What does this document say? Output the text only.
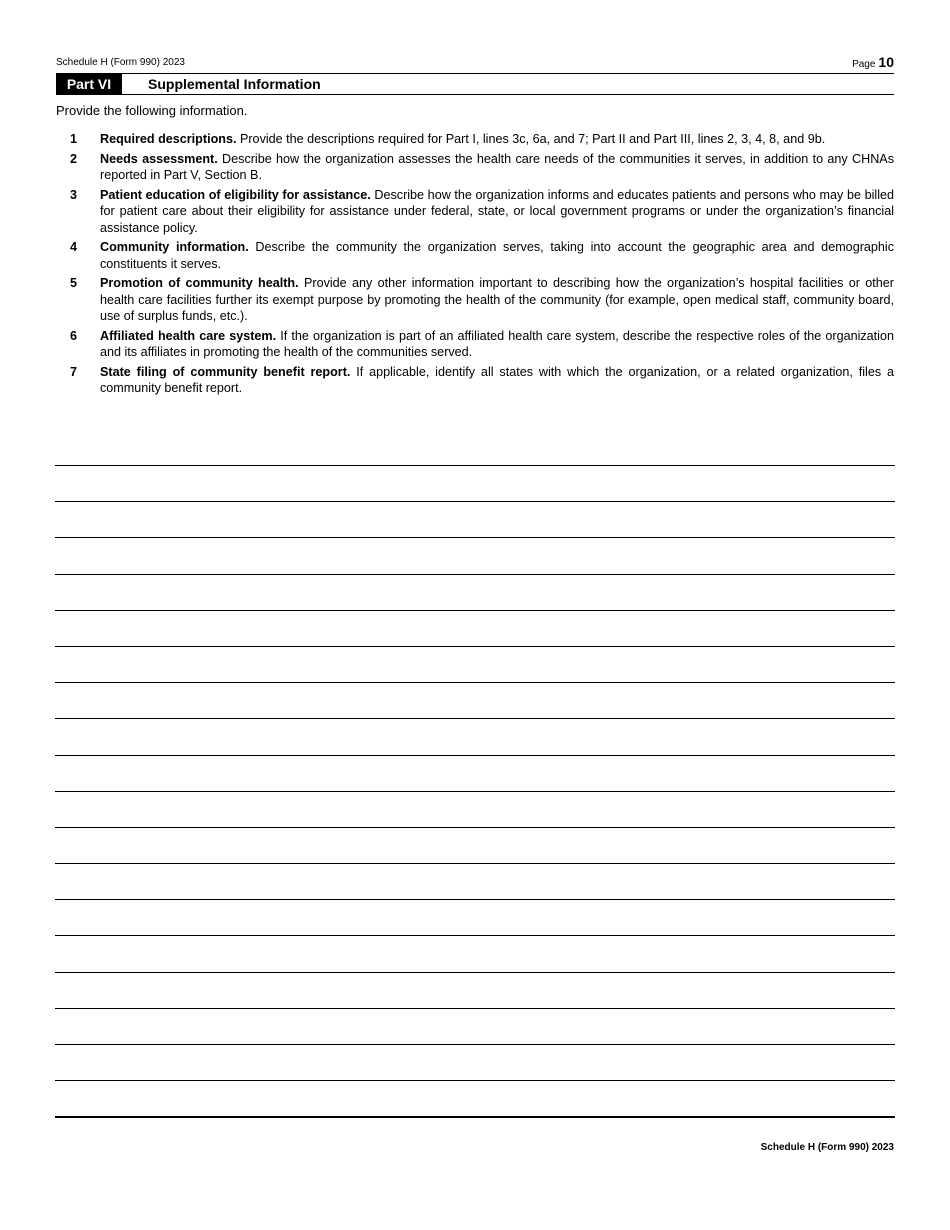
Schedule H (Form 990) 2023	Page 10
Part VI	Supplemental Information
Provide the following information.
1	Required descriptions. Provide the descriptions required for Part I, lines 3c, 6a, and 7; Part II and Part III, lines 2, 3, 4, 8, and 9b.
2	Needs assessment. Describe how the organization assesses the health care needs of the communities it serves, in addition to any CHNAs reported in Part V, Section B.
3	Patient education of eligibility for assistance. Describe how the organization informs and educates patients and persons who may be billed for patient care about their eligibility for assistance under federal, state, or local government programs or under the organization’s financial assistance policy.
4	Community information. Describe the community the organization serves, taking into account the geographic area and demographic constituents it serves.
5	Promotion of community health. Provide any other information important to describing how the organization’s hospital facilities or other health care facilities further its exempt purpose by promoting the health of the community (for example, open medical staff, community board, use of surplus funds, etc.).
6	Affiliated health care system. If the organization is part of an affiliated health care system, describe the respective roles of the organization and its affiliates in promoting the health of the communities served.
7	State filing of community benefit report. If applicable, identify all states with which the organization, or a related organization, files a community benefit report.
Schedule H (Form 990) 2023
